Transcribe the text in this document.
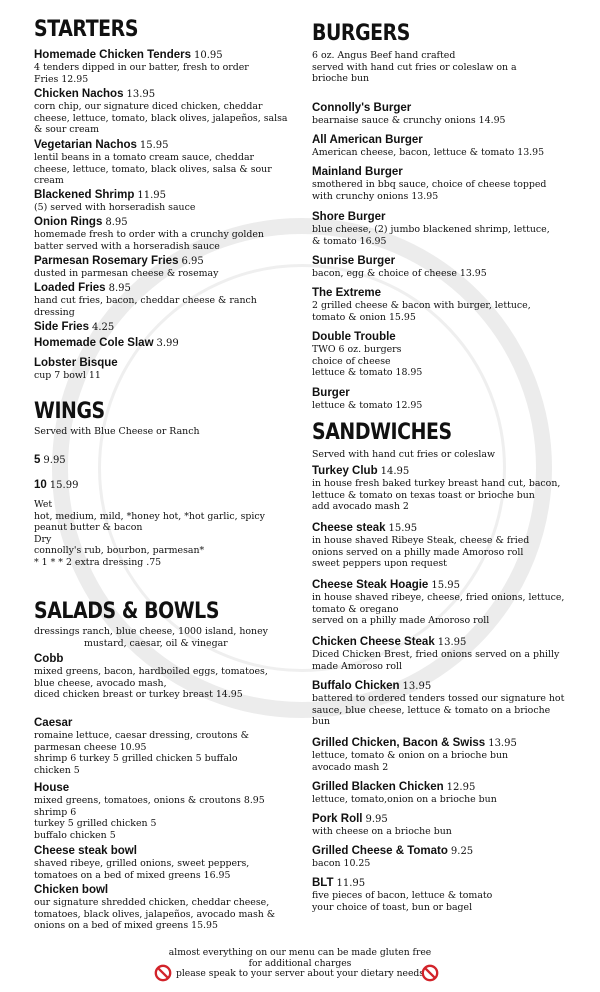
STARTERS
Homemade Chicken Tenders 10.95
4 tenders dipped in our batter, fresh to order
Fries 12.95
Chicken Nachos 13.95
corn chip, our signature diced chicken, cheddar
cheese, lettuce, tomato, black olives, jalapeños, salsa
& sour cream
Vegetarian Nachos 15.95
lentil beans in a tomato cream sauce, cheddar
cheese, lettuce, tomato, black olives, salsa & sour
cream
Blackened Shrimp 11.95
(5) served with horseradish sauce
Onion Rings 8.95
homemade fresh to order with a crunchy golden
batter served with a horseradish sauce
Parmesan Rosemary Fries 6.95
dusted in parmesan cheese & rosemay
Loaded Fries 8.95
hand cut fries, bacon, cheddar cheese & ranch
dressing
Side Fries 4.25
Homemade Cole Slaw 3.99
Lobster Bisque
cup 7 bowl 11
WINGS
Served with Blue Cheese or Ranch
5 9.95
10 15.99
Wet
hot, medium, mild, *honey hot, *hot garlic, spicy
peanut butter & bacon
Dry
connolly's rub, bourbon, parmesan*
* 1 * * 2 extra dressing .75
SALADS & BOWLS
dressings ranch, blue cheese, 1000 island, honey
mustard, caesar, oil & vinegar
Cobb
mixed greens, bacon, hardboiled eggs, tomatoes,
blue cheese, avocado mash,
diced chicken breast or turkey breast 14.95
Caesar
romaine lettuce, caesar dressing, croutons &
parmesan cheese 10.95
shrimp 6 turkey 5 grilled chicken 5 buffalo
chicken 5
House
mixed greens, tomatoes, onions & croutons 8.95
shrimp 6
turkey 5 grilled chicken 5
buffalo chicken 5
Cheese steak bowl
shaved ribeye, grilled onions, sweet peppers,
tomatoes on a bed of mixed greens 16.95
Chicken bowl
our signature shredded chicken, cheddar cheese,
tomatoes, black olives, jalapeños, avocado mash &
onions on a bed of mixed greens 15.95
BURGERS
6 oz. Angus Beef hand crafted
served with hand cut fries or coleslaw on a
brioche bun
Connolly's Burger
bearnaise sauce & crunchy onions 14.95
All American Burger
American cheese, bacon, lettuce & tomato 13.95
Mainland Burger
smothered in bbq sauce, choice of cheese topped
with crunchy onions 13.95
Shore Burger
blue cheese, (2) jumbo blackened shrimp, lettuce,
& tomato 16.95
Sunrise Burger
bacon, egg & choice of cheese 13.95
The Extreme
2 grilled cheese & bacon with burger, lettuce,
tomato & onion 15.95
Double Trouble
TWO 6 oz. burgers
choice of cheese
lettuce & tomato 18.95
Burger
lettuce & tomato 12.95
SANDWICHES
Served with hand cut fries or coleslaw
Turkey Club 14.95
in house fresh baked turkey breast hand cut, bacon,
lettuce & tomato on texas toast or brioche bun
add avocado mash 2
Cheese steak 15.95
in house shaved Ribeye Steak, cheese & fried
onions served on a philly made Amoroso roll
sweet peppers upon request
Cheese Steak Hoagie 15.95
in house shaved ribeye, cheese, fried onions, lettuce,
tomato & oregano
served on a philly made Amoroso roll
Chicken Cheese Steak 13.95
Diced Chicken Brest, fried onions served on a philly
made Amoroso roll
Buffalo Chicken 13.95
battered to ordered tenders tossed our signature hot
sauce, blue cheese, lettuce & tomato on a brioche
bun
Grilled Chicken, Bacon & Swiss 13.95
lettuce, tomato & onion on a brioche bun
avocado mash 2
Grilled Blacken Chicken 12.95
lettuce, tomato,onion on a brioche bun
Pork Roll 9.95
with cheese on a brioche bun
Grilled Cheese & Tomato 9.25
bacon 10.25
BLT 11.95
five pieces of bacon, lettuce & tomato
your choice of toast, bun or bagel
almost everything on our menu can be made gluten free
for additional charges
please speak to your server about your dietary needs
